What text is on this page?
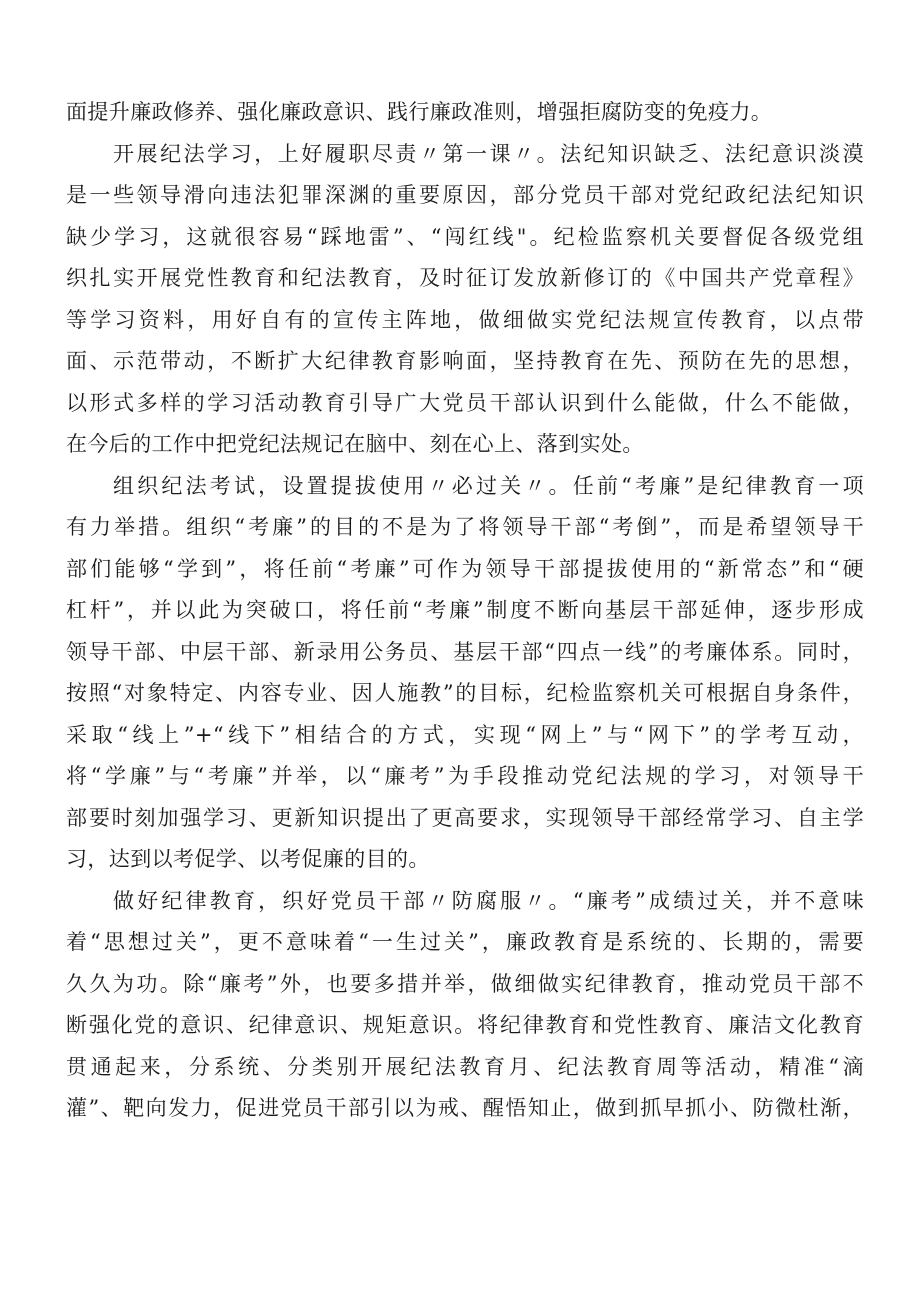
面提升廉政修养、强化廉政意识、践行廉政准则，增强拒腐防变的免疫力。
开展纪法学习，上好履职尽责〃第一课〃。法纪知识缺乏、法纪意识淡漠
是一些领导滑向违法犯罪深渊的重要原因，部分党员干部对党纪政纪法纪知识
缺少学习，这就很容易“踩地雷”、“闯红线"。纪检监察机关要督促各级党组
织扎实开展党性教育和纪法教育，及时征订发放新修订的《中国共产党章程》
等学习资料，用好自有的宣传主阵地，做细做实党纪法规宣传教育，以点带
面、示范带动，不断扩大纪律教育影响面，坚持教育在先、预防在先的思想，
以形式多样的学习活动教育引导广大党员干部认识到什么能做，什么不能做，
在今后的工作中把党纪法规记在脑中、刻在心上、落到实处。
组织纪法考试，设置提拔使用〃必过关〃。任前“考廉”是纪律教育一项
有力举措。组织“考廉”的目的不是为了将领导干部“考倒”，而是希望领导干
部们能够“学到”，将任前“考廉”可作为领导干部提拔使用的“新常态”和“硬
杠杆”，并以此为突破口，将任前“考廉”制度不断向基层干部延伸，逐步形成
领导干部、中层干部、新录用公务员、基层干部“四点一线”的考廉体系。同时，
按照“对象特定、内容专业、因人施教”的目标，纪检监察机关可根据自身条件，
采取“线上”+“线下”相结合的方式，实现“网上”与“网下”的学考互动，
将“学廉”与“考廉”并举，以“廉考”为手段推动党纪法规的学习，对领导干
部要时刻加强学习、更新知识提出了更高要求，实现领导干部经常学习、自主学
习，达到以考促学、以考促廉的目的。
做好纪律教育，织好党员干部〃防腐服〃。“廉考”成绩过关，并不意味
着“思想过关”，更不意味着“一生过关”，廉政教育是系统的、长期的，需要
久久为功。除“廉考”外，也要多措并举，做细做实纪律教育，推动党员干部不
断强化党的意识、纪律意识、规矩意识。将纪律教育和党性教育、廉洁文化教育
贯通起来，分系统、分类别开展纪法教育月、纪法教育周等活动，精准“滴
灌”、靶向发力，促进党员干部引以为戒、醒悟知止，做到抓早抓小、防微杜渐，
